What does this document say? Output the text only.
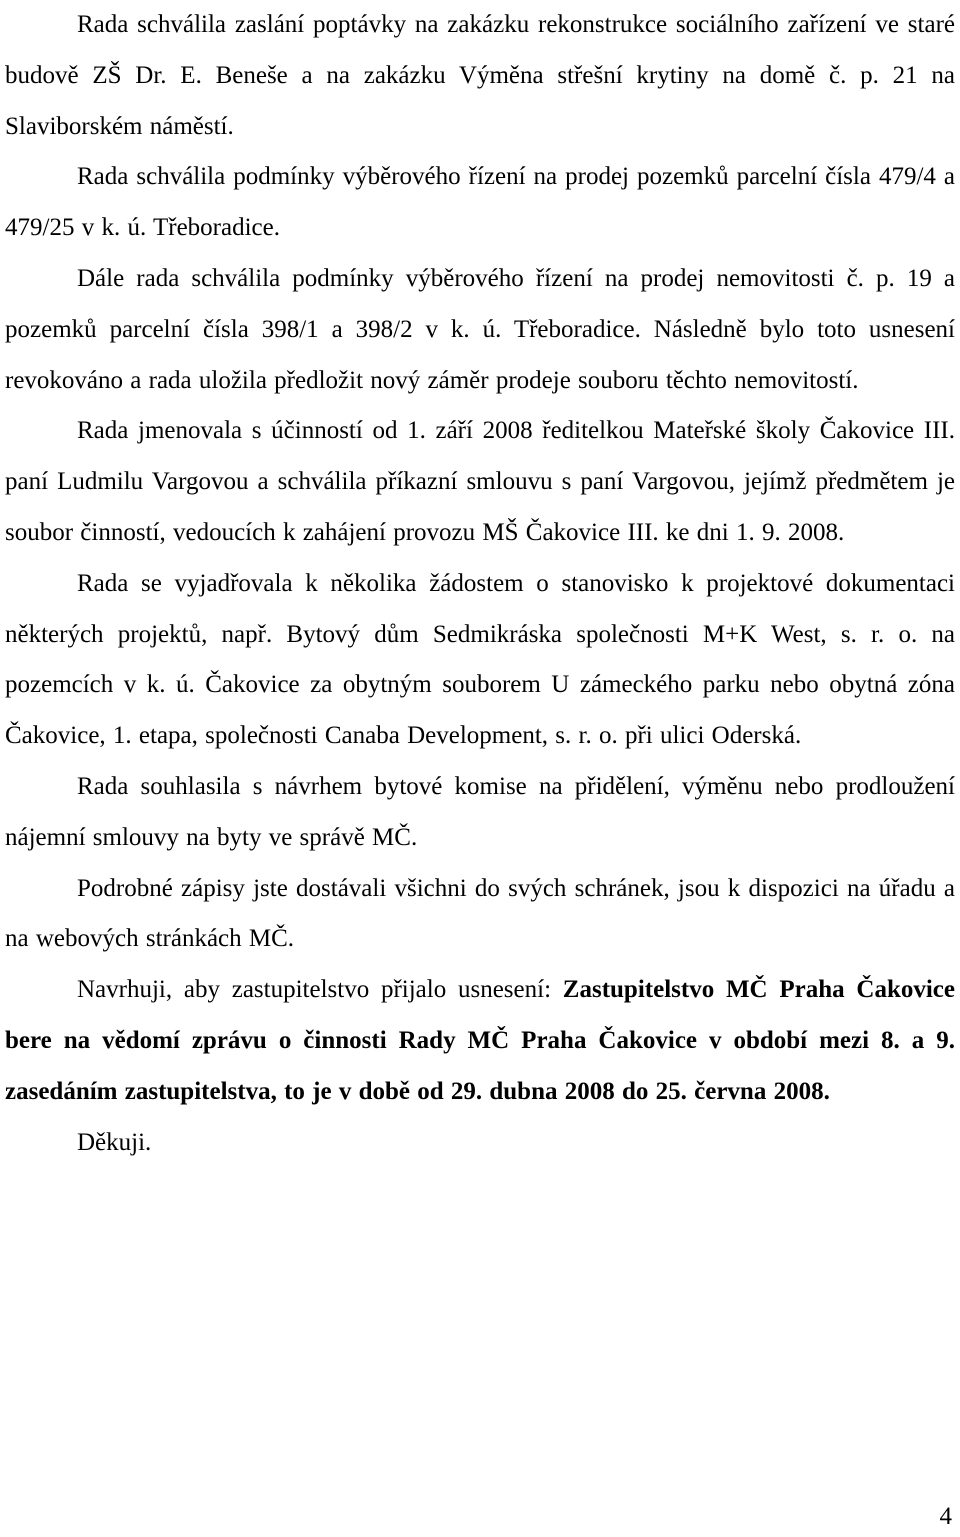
Rada schválila zaslání poptávky na zakázku rekonstrukce sociálního zařízení ve staré budově ZŠ Dr. E. Beneše a na zakázku Výměna střešní krytiny na domě č. p. 21 na Slaviborském náměstí.

Rada schválila podmínky výběrového řízení na prodej pozemků parcelní čísla 479/4 a 479/25 v k. ú. Třeboradice.

Dále rada schválila podmínky výběrového řízení na prodej nemovitosti č. p. 19 a pozemků parcelní čísla 398/1 a 398/2 v k. ú. Třeboradice. Následně bylo toto usnesení revokováno a rada uložila předložit nový záměr prodeje souboru těchto nemovitostí.

Rada jmenovala s účinností od 1. září 2008 ředitelkou Mateřské školy Čakovice III. paní Ludmilu Vargovou a schválila příkazní smlouvu s paní Vargovou, jejímž předmětem je soubor činností, vedoucích k zahájení provozu MŠ Čakovice III. ke dni 1. 9. 2008.

Rada se vyjadřovala k několika žádostem o stanovisko k projektové dokumentaci některých projektů, např. Bytový dům Sedmikráska společnosti M+K West, s. r. o. na pozemcích v k. ú. Čakovice za obytným souborem U zámeckého parku nebo obytná zóna Čakovice, 1. etapa, společnosti Canaba Development, s. r. o. při ulici Oderská.

Rada souhlasila s návrhem bytové komise na přidělení, výměnu nebo prodloužení nájemní smlouvy na byty ve správě MČ.

Podrobné zápisy jste dostávali všichni do svých schránek, jsou k dispozici na úřadu a na webových stránkách MČ.

Navrhuji, aby zastupitelstvo přijalo usnesení: Zastupitelstvo MČ Praha Čakovice bere na vědomí zprávu o činnosti Rady MČ Praha Čakovice v období mezi 8. a 9. zasedáním zastupitelstva, to je v době od 29. dubna 2008 do 25. června 2008.

Děkuji.

4
